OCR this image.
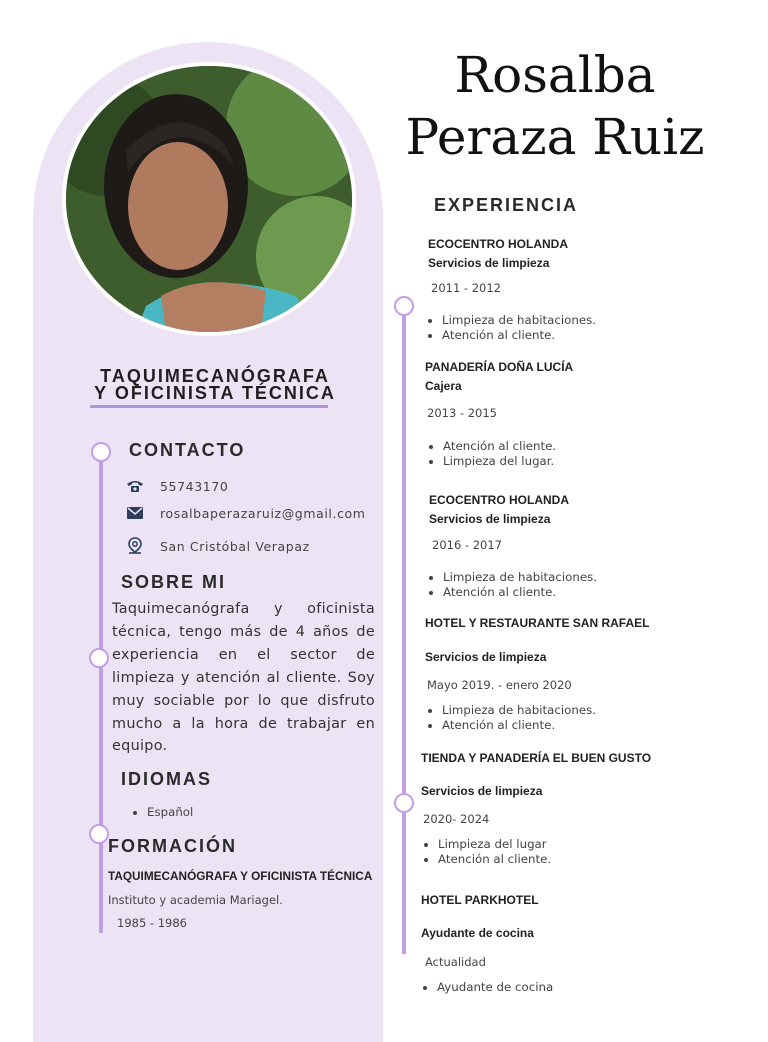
Rosalba
Peraza Ruiz
TAQUIMECANÓGRAFA
Y OFICINISTA TÉCNICA
CONTACTO
55743170
rosalbaperazaruiz@gmail.com
San Cristóbal Verapaz
SOBRE MI
Taquimecanógrafa y oficinista técnica, tengo más de 4 años de experiencia en el sector de limpieza y atención al cliente. Soy muy sociable por lo que disfruto mucho a la hora de trabajar en equipo.
IDIOMAS
• Español
FORMACIÓN
TAQUIMECANÓGRAFA Y OFICINISTA TÉCNICA
Instituto y academia Mariagel.
1985 - 1986
EXPERIENCIA
ECOCENTRO HOLANDA
Servicios de limpieza
2011 - 2012
• Limpieza de habitaciones.
• Atención al cliente.
PANADERÍA DOÑA LUCÍA
Cajera
2013 - 2015
• Atención al cliente.
• Limpieza del lugar.
ECOCENTRO HOLANDA
Servicios de limpieza
2016 - 2017
• Limpieza de habitaciones.
• Atención al cliente.
HOTEL Y RESTAURANTE SAN RAFAEL
Servicios de limpieza
Mayo 2019. - enero 2020
• Limpieza de habitaciones.
• Atención al cliente.
TIENDA Y PANADERÍA EL BUEN GUSTO
Servicios de limpieza
2020- 2024
• Limpieza del lugar
• Atención al cliente.
HOTEL PARKHOTEL
Ayudante de cocina
Actualidad
• Ayudante de cocina
